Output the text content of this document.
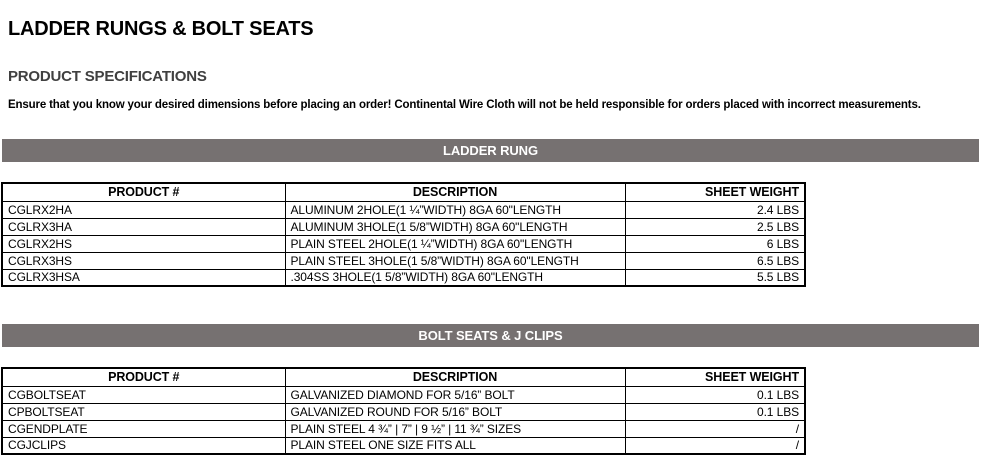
LADDER RUNGS & BOLT SEATS
PRODUCT SPECIFICATIONS
Ensure that you know your desired dimensions before placing an order! Continental Wire Cloth will not be held responsible for orders placed with incorrect measurements.
LADDER RUNG
PRODUCT #	DESCRIPTION	SHEET WEIGHT
CGLRX2HA	ALUMINUM 2HOLE(1 ¼”WIDTH) 8GA 60"LENGTH	2.4 LBS
CGLRX3HA	ALUMINUM 3HOLE(1 5/8”WIDTH) 8GA 60"LENGTH	2.5 LBS
CGLRX2HS	PLAIN STEEL 2HOLE(1 ¼”WIDTH) 8GA 60"LENGTH	6 LBS
CGLRX3HS	PLAIN STEEL 3HOLE(1 5/8”WIDTH) 8GA 60"LENGTH	6.5 LBS
CGLRX3HSA	.304SS 3HOLE(1 5/8”WIDTH) 8GA 60"LENGTH	5.5 LBS
BOLT SEATS & J CLIPS
PRODUCT #	DESCRIPTION	SHEET WEIGHT
CGBOLTSEAT	GALVANIZED DIAMOND FOR 5/16” BOLT	0.1 LBS
CPBOLTSEAT	GALVANIZED ROUND FOR 5/16” BOLT	0.1 LBS
CGENDPLATE	PLAIN STEEL 4 ¾” | 7” | 9 ½” | 11 ¾” SIZES	/
CGJCLIPS	PLAIN STEEL ONE SIZE FITS ALL	/
